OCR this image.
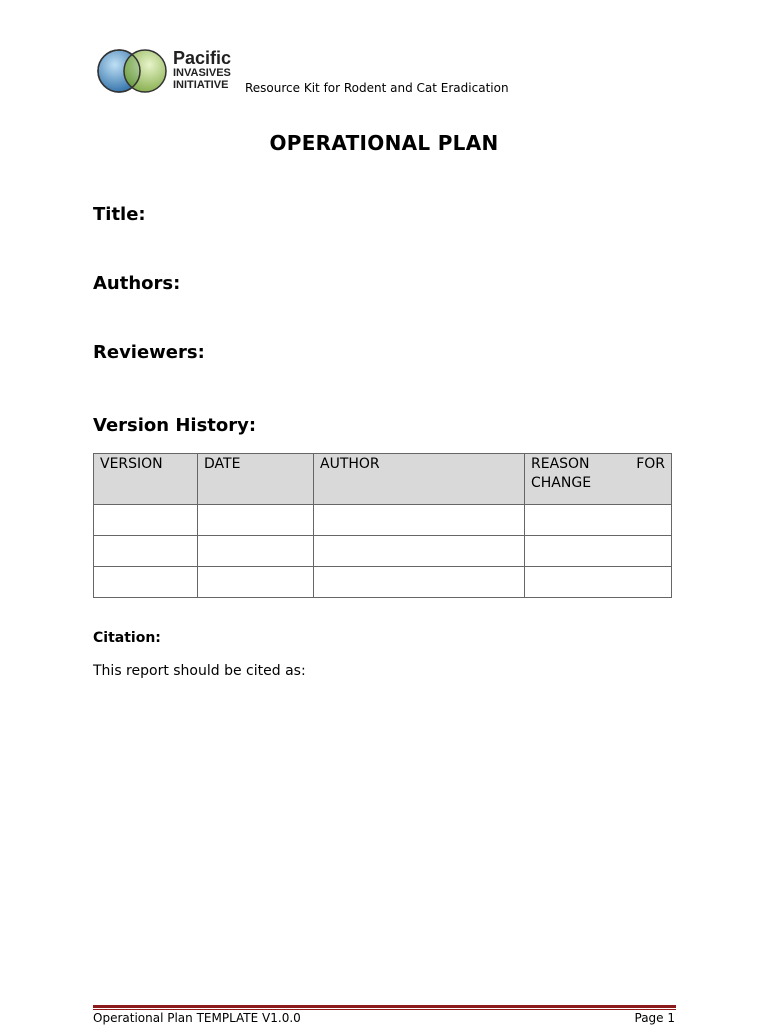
Pacific
INVASIVES
INITIATIVE Resource Kit for Rodent and Cat Eradication
OPERATIONAL PLAN
Title:
Authors:
Reviewers:
Version History:
VERSION	DATE	AUTHOR	REASON FOR CHANGE

Citation:
This report should be cited as:
Operational Plan TEMPLATE V1.0.0	Page 1
